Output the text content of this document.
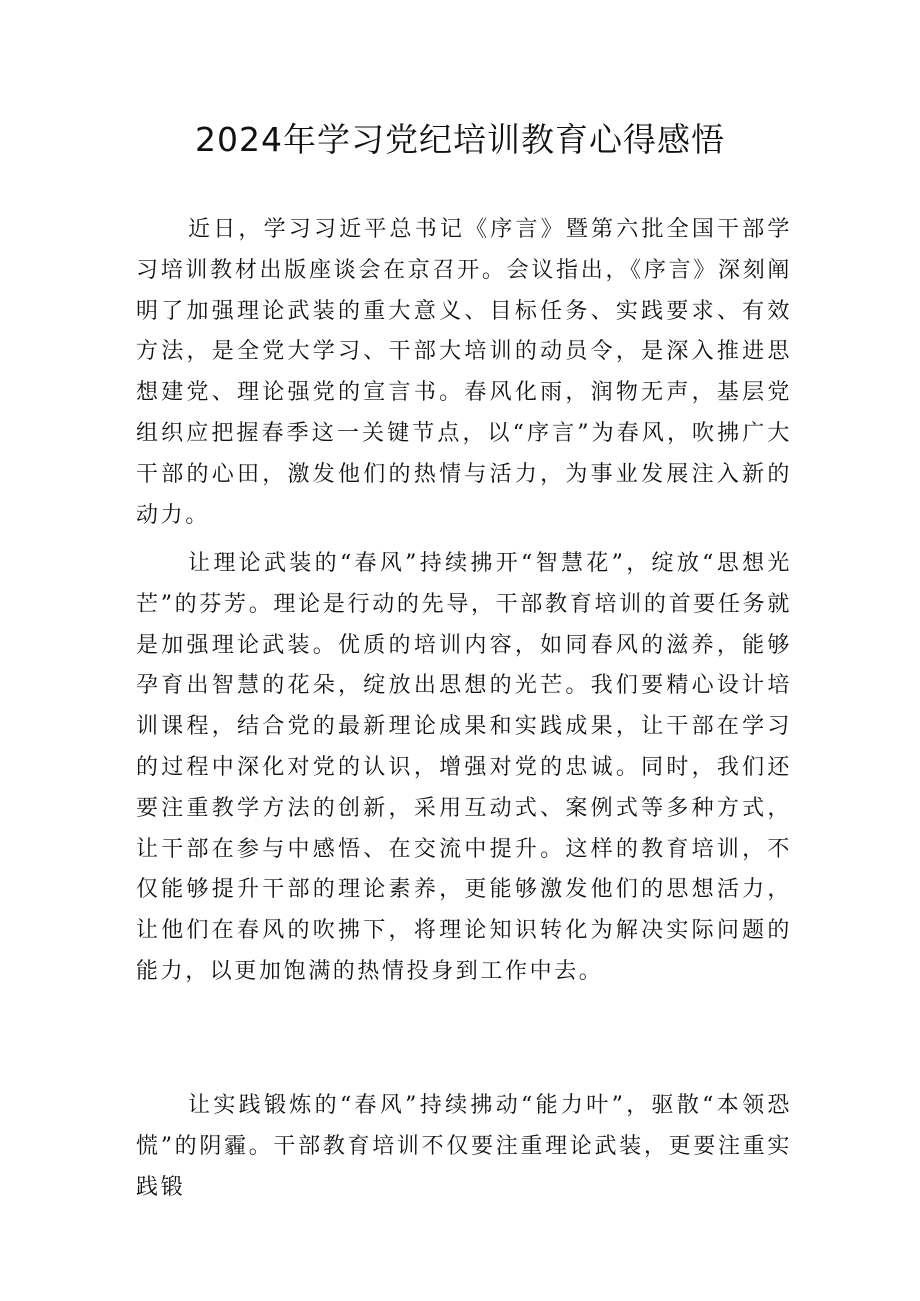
2024年学习党纪培训教育心得感悟

近日，学习习近平总书记《序言》暨第六批全国干部学习培训教材出版座谈会在京召开。会议指出，《序言》深刻阐明了加强理论武装的重大意义、目标任务、实践要求、有效方法，是全党大学习、干部大培训的动员令，是深入推进思想建党、理论强党的宣言书。春风化雨，润物无声，基层党组织应把握春季这一关键节点，以“序言”为春风，吹拂广大干部的心田，激发他们的热情与活力，为事业发展注入新的动力。

让理论武装的“春风”持续拂开“智慧花”，绽放“思想光芒”的芬芳。理论是行动的先导，干部教育培训的首要任务就是加强理论武装。优质的培训内容，如同春风的滋养，能够孕育出智慧的花朵，绽放出思想的光芒。我们要精心设计培训课程，结合党的最新理论成果和实践成果，让干部在学习的过程中深化对党的认识，增强对党的忠诚。同时，我们还要注重教学方法的创新，采用互动式、案例式等多种方式，让干部在参与中感悟、在交流中提升。这样的教育培训，不仅能够提升干部的理论素养，更能够激发他们的思想活力，让他们在春风的吹拂下，将理论知识转化为解决实际问题的能力，以更加饱满的热情投身到工作中去。

让实践锻炼的“春风”持续拂动“能力叶”，驱散“本领恐慌”的阴霾。干部教育培训不仅要注重理论武装，更要注重实践锻
